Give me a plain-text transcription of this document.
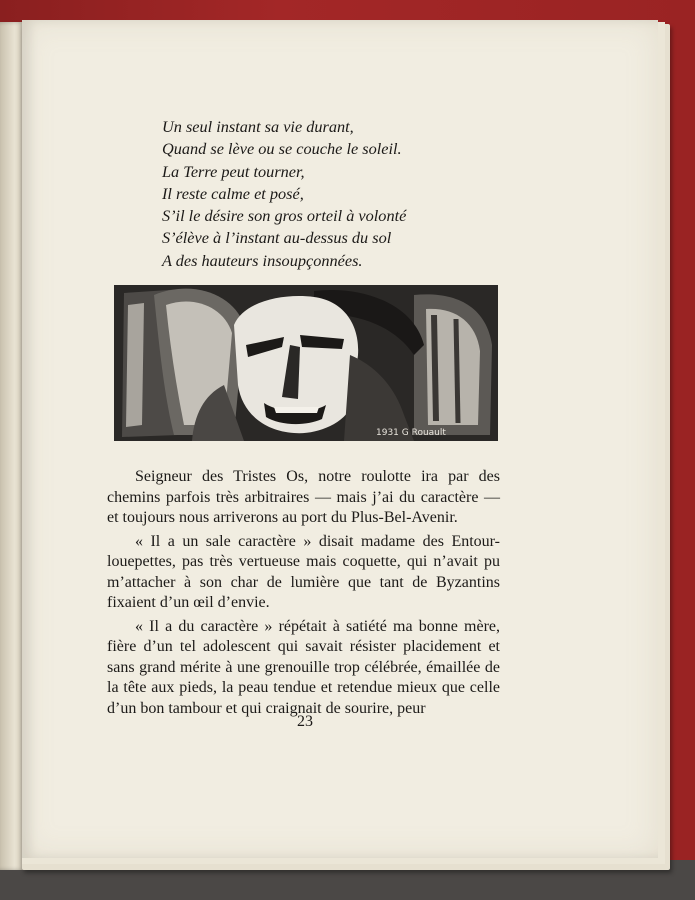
Un seul instant sa vie durant,
Quand se lève ou se couche le soleil.
La Terre peut tourner,
Il reste calme et posé,
S’il le désire son gros orteil à volonté
S’élève à l’instant au-dessus du sol
A des hauteurs insoupçonnées.
1931 G Rouault

Seigneur des Tristes Os, notre roulotte ira par des chemins parfois très arbitraires — mais j’ai du caractère — et toujours nous arriverons au port du Plus-Bel-Avenir.

« Il a un sale caractère » disait madame des Entour-louepettes, pas très vertueuse mais coquette, qui n’avait pu m’attacher à son char de lumière que tant de Byzantins fixaient d’un œil d’envie.

« Il a du caractère » répétait à satiété ma bonne mère, fière d’un tel adolescent qui savait résister placidement et sans grand mérite à une grenouille trop célébrée, émaillée de la tête aux pieds, la peau tendue et retendue mieux que celle d’un bon tambour et qui craignait de sourire, peur

23
